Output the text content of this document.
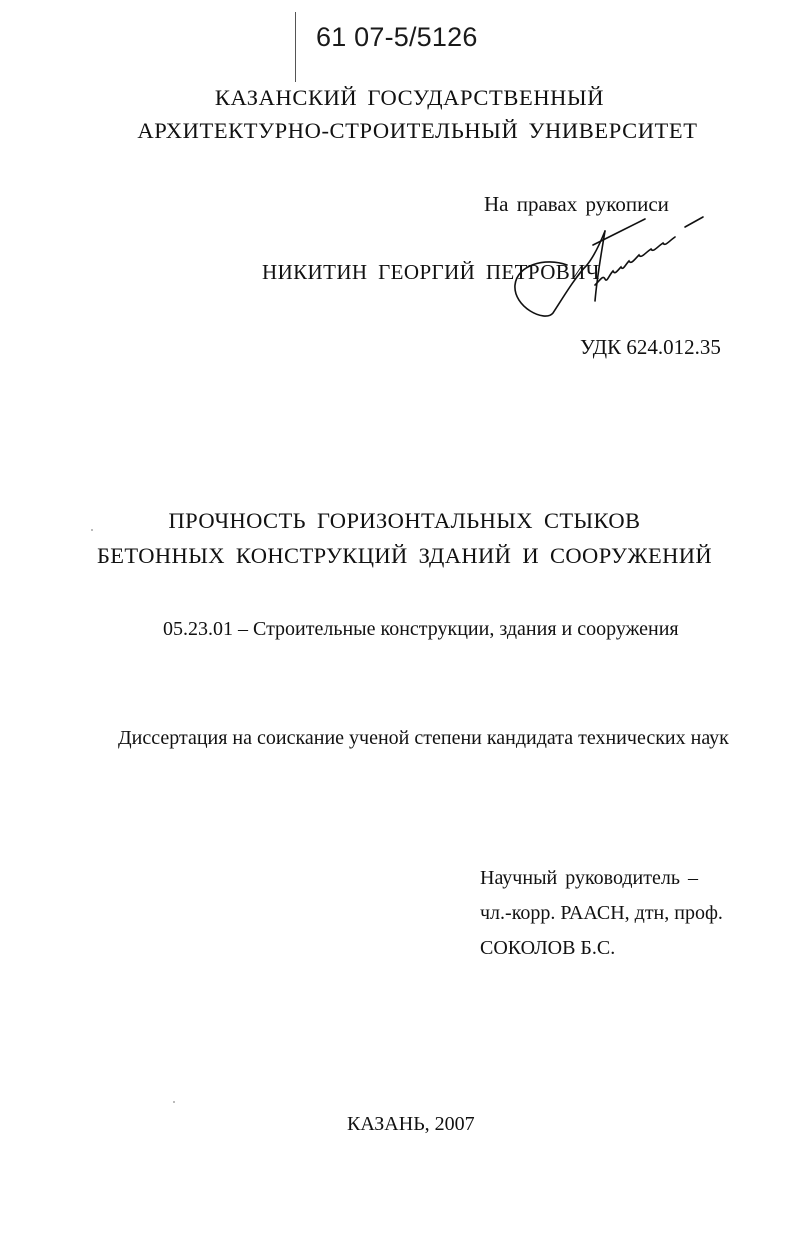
61 07-5/5126
КАЗАНСКИЙ ГОСУДАРСТВЕННЫЙ
АРХИТЕКТУРНО-СТРОИТЕЛЬНЫЙ УНИВЕРСИТЕТ
На правах рукописи
НИКИТИН ГЕОРГИЙ ПЕТРОВИЧ
УДК 624.012.35
ПРОЧНОСТЬ ГОРИЗОНТАЛЬНЫХ СТЫКОВ
БЕТОННЫХ КОНСТРУКЦИЙ ЗДАНИЙ И СООРУЖЕНИЙ
05.23.01 – Строительные конструкции, здания и сооружения
Диссертация на соискание ученой степени кандидата технических наук
Научный руководитель –
чл.-корр. РААСН, дтн, проф.
СОКОЛОВ Б.С.
КАЗАНЬ, 2007
